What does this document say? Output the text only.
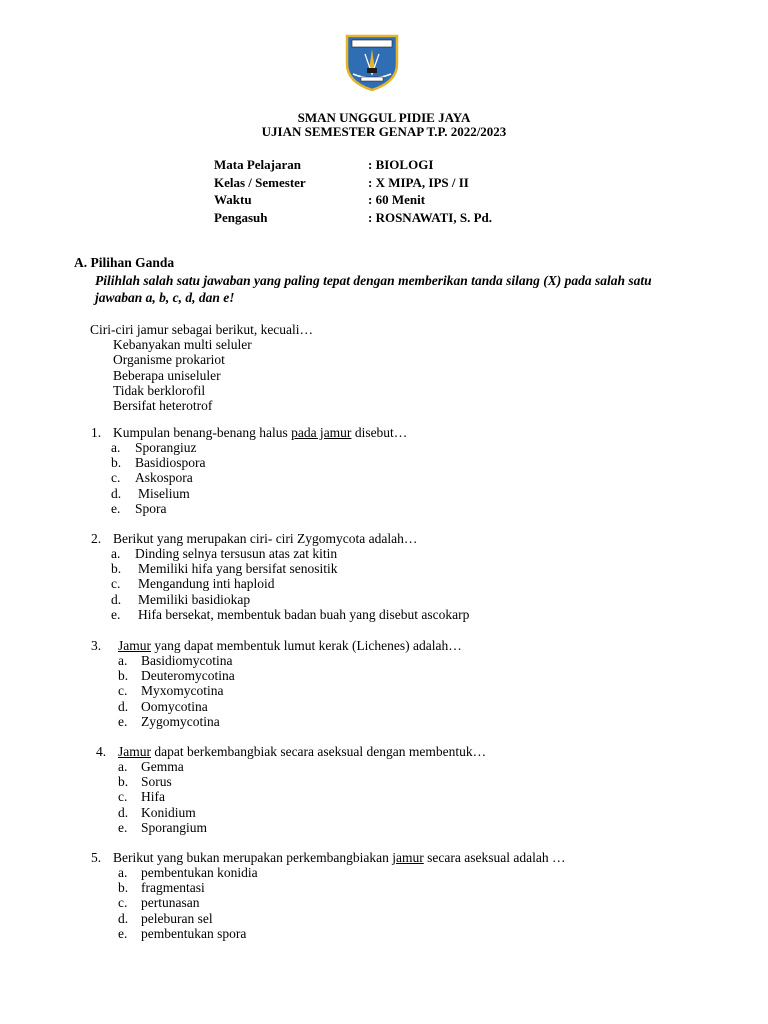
SMAN UNGGUL PIDIE JAYA
UJIAN SEMESTER GENAP T.P. 2022/2023
Mata Pelajaran	: BIOLOGI
Kelas / Semester	: X MIPA, IPS / II
Waktu	: 60 Menit
Pengasuh	: ROSNAWATI, S. Pd.
A. Pilihan Ganda
Pilihlah salah satu jawaban yang paling tepat dengan memberikan tanda silang (X) pada salah satu jawaban a, b, c, d, dan e!
Ciri-ciri jamur sebagai berikut, kecuali…
Kebanyakan multi seluler
Organisme prokariot
Beberapa uniseluler
Tidak berklorofil
Bersifat heterotrof
1. Kumpulan benang-benang halus pada jamur disebut…
a. Sporangiuz
b. Basidiospora
c. Askospora
d. Miselium
e. Spora
2. Berikut yang merupakan ciri- ciri Zygomycota adalah…
a. Dinding selnya tersusun atas zat kitin
b. Memiliki hifa yang bersifat senositik
c. Mengandung inti haploid
d. Memiliki basidiokap
e. Hifa bersekat, membentuk badan buah yang disebut ascokarp
3. Jamur yang dapat membentuk lumut kerak (Lichenes) adalah…
a. Basidiomycotina
b. Deuteromycotina
c. Myxomycotina
d. Oomycotina
e. Zygomycotina
4. Jamur dapat berkembangbiak secara aseksual dengan membentuk…
a. Gemma
b. Sorus
c. Hifa
d. Konidium
e. Sporangium
5. Berikut yang bukan merupakan perkembangbiakan jamur secara aseksual adalah …
a. pembentukan konidia
b. fragmentasi
c. pertunasan
d. peleburan sel
e. pembentukan spora
